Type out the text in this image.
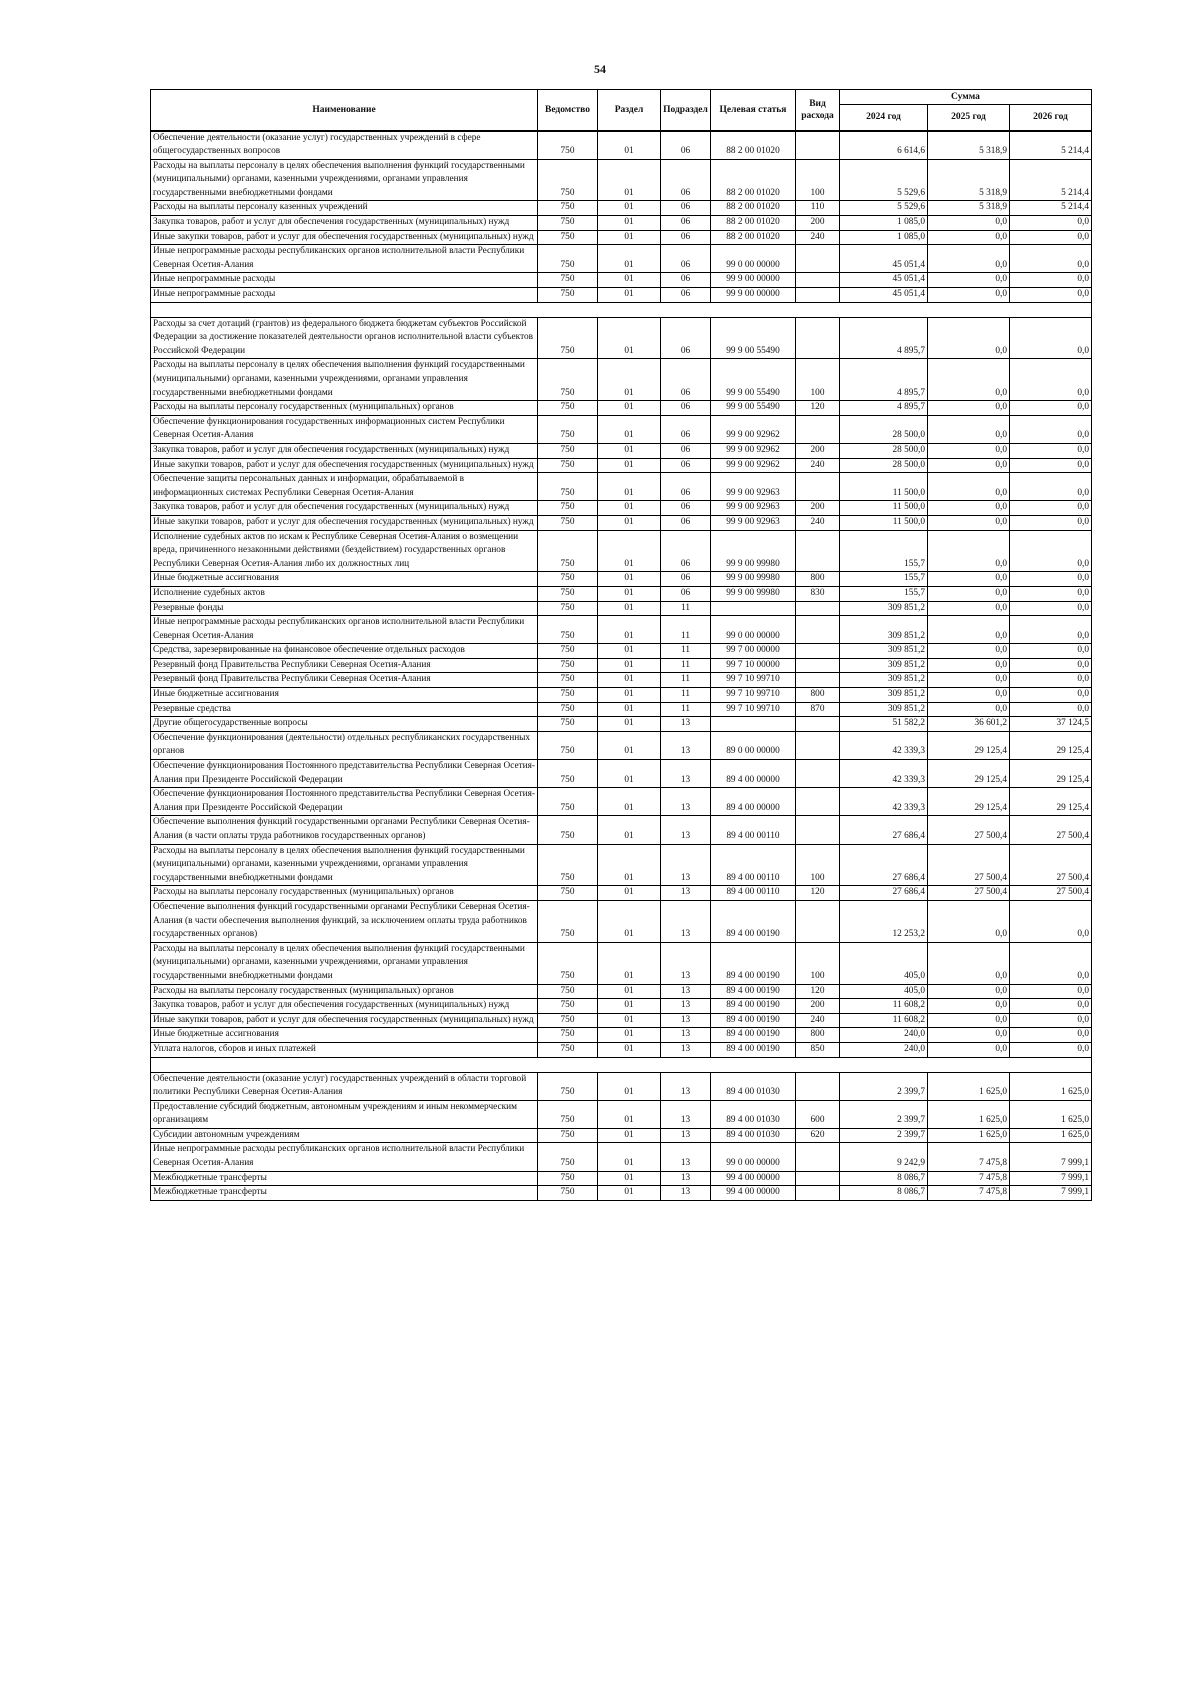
54
Наименование	Ведомство	Раздел	Подраздел	Целевая статья	Вид расхода	Сумма		
						2024 год	2025 год	2026 год
Обеспечение деятельности (оказание услуг) государственных учреждений в сфере общегосударственных вопросов	750	01	06	88 2 00 01020		6 614,6	5 318,9	5 214,4
Расходы на выплаты персоналу в целях обеспечения выполнения функций государственными (муниципальными) органами, казенными учреждениями, органами управления государственными внебюджетными фондами	750	01	06	88 2 00 01020	100	5 529,6	5 318,9	5 214,4
Расходы на выплаты персоналу казенных учреждений	750	01	06	88 2 00 01020	110	5 529,6	5 318,9	5 214,4
Закупка товаров, работ и услуг для обеспечения государственных (муниципальных) нужд	750	01	06	88 2 00 01020	200	1 085,0	0,0	0,0
Иные закупки товаров, работ и услуг для обеспечения государственных (муниципальных) нужд	750	01	06	88 2 00 01020	240	1 085,0	0,0	0,0
Иные непрограммные расходы республиканских органов исполнительной власти Республики Северная Осетия-Алания	750	01	06	99 0 00 00000		45 051,4	0,0	0,0
Иные непрограммные расходы	750	01	06	99 9 00 00000		45 051,4	0,0	0,0
Иные непрограммные расходы	750	01	06	99 9 00 00000		45 051,4	0,0	0,0

Расходы за счет дотаций (грантов) из федерального бюджета бюджетам субъектов Российской Федерации за достижение показателей деятельности органов исполнительной власти субъектов Российской Федерации	750	01	06	99 9 00 55490		4 895,7	0,0	0,0
Расходы на выплаты персоналу в целях обеспечения выполнения функций государственными (муниципальными) органами, казенными учреждениями, органами управления государственными внебюджетными фондами	750	01	06	99 9 00 55490	100	4 895,7	0,0	0,0
Расходы на выплаты персоналу государственных (муниципальных) органов	750	01	06	99 9 00 55490	120	4 895,7	0,0	0,0
Обеспечение функционирования государственных информационных систем Республики Северная Осетия-Алания	750	01	06	99 9 00 92962		28 500,0	0,0	0,0
Закупка товаров, работ и услуг для обеспечения государственных (муниципальных) нужд	750	01	06	99 9 00 92962	200	28 500,0	0,0	0,0
Иные закупки товаров, работ и услуг для обеспечения государственных (муниципальных) нужд	750	01	06	99 9 00 92962	240	28 500,0	0,0	0,0
Обеспечение защиты персональных данных и информации, обрабатываемой в информационных системах Республики Северная Осетия-Алания	750	01	06	99 9 00 92963		11 500,0	0,0	0,0
Закупка товаров, работ и услуг для обеспечения государственных (муниципальных) нужд	750	01	06	99 9 00 92963	200	11 500,0	0,0	0,0
Иные закупки товаров, работ и услуг для обеспечения государственных (муниципальных) нужд	750	01	06	99 9 00 92963	240	11 500,0	0,0	0,0
Исполнение судебных актов по искам к Республике Северная Осетия-Алания о возмещении вреда, причиненного незаконными действиями (бездействием) государственных органов Республики Северная Осетия-Алания либо их должностных лиц	750	01	06	99 9 00 99980		155,7	0,0	0,0
Иные бюджетные ассигнования	750	01	06	99 9 00 99980	800	155,7	0,0	0,0
Исполнение судебных актов	750	01	06	99 9 00 99980	830	155,7	0,0	0,0
Резервные фонды	750	01	11			309 851,2	0,0	0,0
Иные непрограммные расходы республиканских органов исполнительной власти Республики Северная Осетия-Алания	750	01	11	99 0 00 00000		309 851,2	0,0	0,0
Средства, зарезервированные на финансовое обеспечение отдельных расходов	750	01	11	99 7 00 00000		309 851,2	0,0	0,0
Резервный фонд Правительства Республики Северная Осетия-Алания	750	01	11	99 7 10 00000		309 851,2	0,0	0,0
Резервный фонд Правительства Республики Северная Осетия-Алания	750	01	11	99 7 10 99710		309 851,2	0,0	0,0
Иные бюджетные ассигнования	750	01	11	99 7 10 99710	800	309 851,2	0,0	0,0
Резервные средства	750	01	11	99 7 10 99710	870	309 851,2	0,0	0,0
Другие общегосударственные вопросы	750	01	13			51 582,2	36 601,2	37 124,5
Обеспечение функционирования (деятельности) отдельных республиканских государственных органов	750	01	13	89 0 00 00000		42 339,3	29 125,4	29 125,4
Обеспечение функционирования Постоянного представительства Республики Северная Осетия-Алания при Президенте Российской Федерации	750	01	13	89 4 00 00000		42 339,3	29 125,4	29 125,4
Обеспечение функционирования Постоянного представительства Республики Северная Осетия-Алания при Президенте Российской Федерации	750	01	13	89 4 00 00000		42 339,3	29 125,4	29 125,4
Обеспечение выполнения функций государственными органами Республики Северная Осетия-Алания (в части оплаты труда работников государственных органов)	750	01	13	89 4 00 00110		27 686,4	27 500,4	27 500,4
Расходы на выплаты персоналу в целях обеспечения выполнения функций государственными (муниципальными) органами, казенными учреждениями, органами управления государственными внебюджетными фондами	750	01	13	89 4 00 00110	100	27 686,4	27 500,4	27 500,4
Расходы на выплаты персоналу государственных (муниципальных) органов	750	01	13	89 4 00 00110	120	27 686,4	27 500,4	27 500,4
Обеспечение выполнения функций государственными органами Республики Северная Осетия-Алания (в части обеспечения выполнения функций, за исключением оплаты труда работников государственных органов)	750	01	13	89 4 00 00190		12 253,2	0,0	0,0
Расходы на выплаты персоналу в целях обеспечения выполнения функций государственными (муниципальными) органами, казенными учреждениями, органами управления государственными внебюджетными фондами	750	01	13	89 4 00 00190	100	405,0	0,0	0,0
Расходы на выплаты персоналу государственных (муниципальных) органов	750	01	13	89 4 00 00190	120	405,0	0,0	0,0
Закупка товаров, работ и услуг для обеспечения государственных (муниципальных) нужд	750	01	13	89 4 00 00190	200	11 608,2	0,0	0,0
Иные закупки товаров, работ и услуг для обеспечения государственных (муниципальных) нужд	750	01	13	89 4 00 00190	240	11 608,2	0,0	0,0
Иные бюджетные ассигнования	750	01	13	89 4 00 00190	800	240,0	0,0	0,0
Уплата налогов, сборов и иных платежей	750	01	13	89 4 00 00190	850	240,0	0,0	0,0

Обеспечение деятельности (оказание услуг) государственных учреждений в области торговой политики Республики Северная Осетия-Алания	750	01	13	89 4 00 01030		2 399,7	1 625,0	1 625,0
Предоставление субсидий бюджетным, автономным учреждениям и иным некоммерческим организациям	750	01	13	89 4 00 01030	600	2 399,7	1 625,0	1 625,0
Субсидии автономным учреждениям	750	01	13	89 4 00 01030	620	2 399,7	1 625,0	1 625,0
Иные непрограммные расходы республиканских органов исполнительной власти Республики Северная Осетия-Алания	750	01	13	99 0 00 00000		9 242,9	7 475,8	7 999,1
Межбюджетные трансферты	750	01	13	99 4 00 00000		8 086,7	7 475,8	7 999,1
Межбюджетные трансферты	750	01	13	99 4 00 00000		8 086,7	7 475,8	7 999,1
